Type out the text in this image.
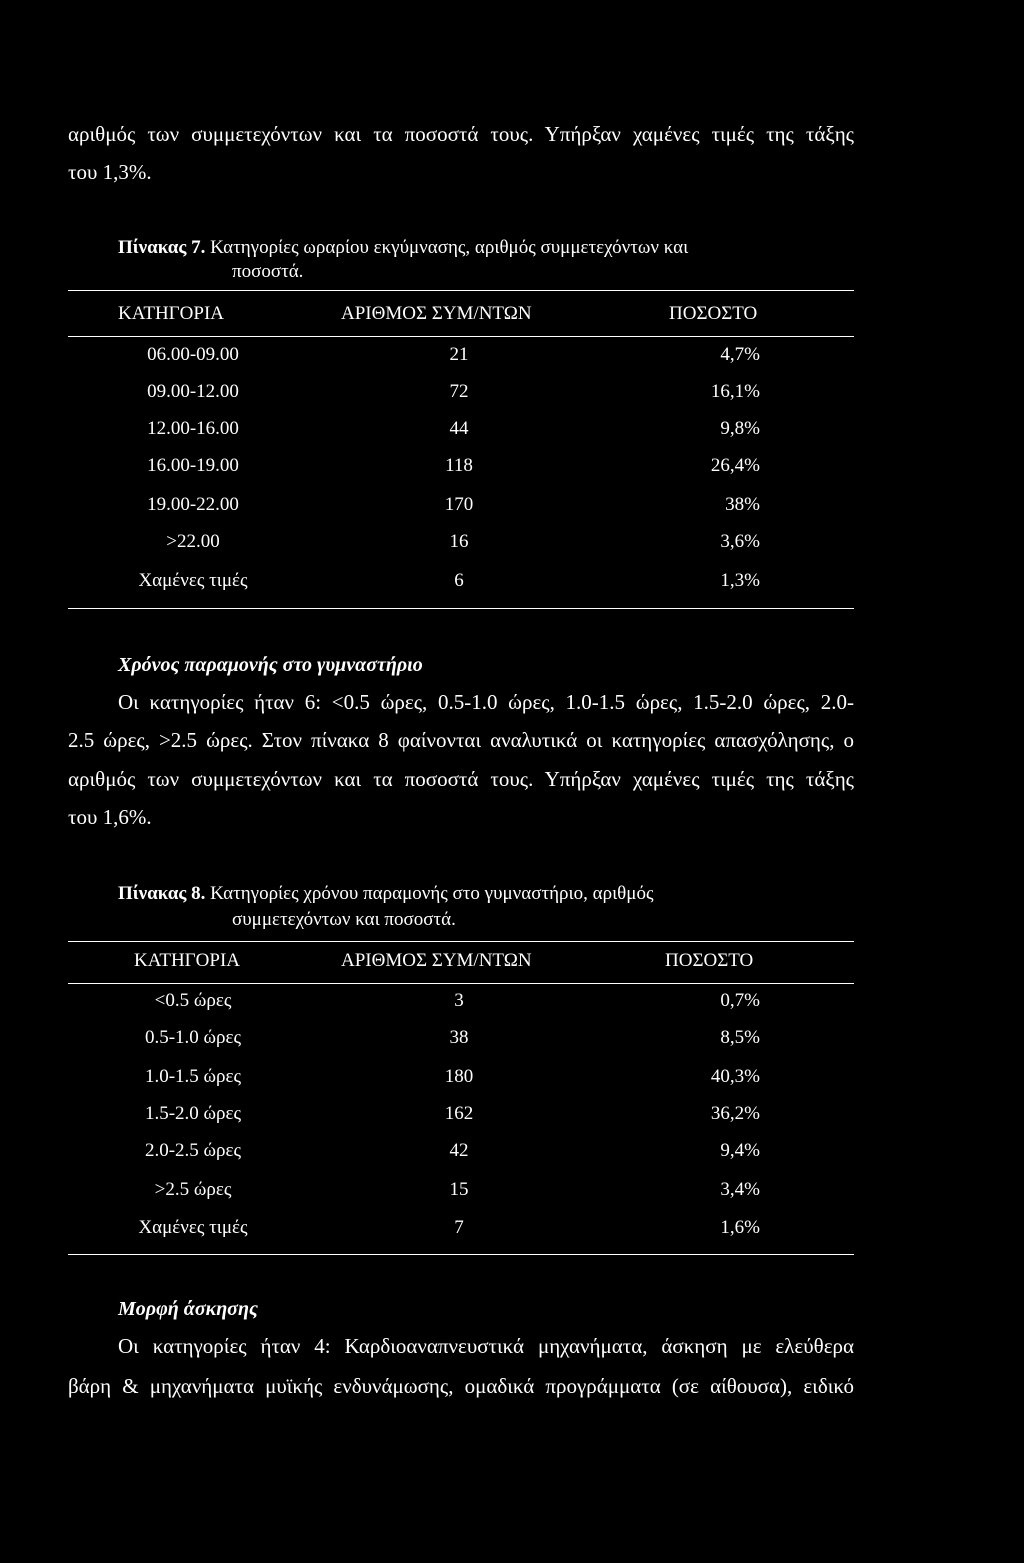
αριθμός των συμμετεχόντων και τα ποσοστά τους. Υπήρξαν χαμένες τιμές της τάξης
του 1,3%.
Πίνακας 7. Κατηγορίες ωραρίου εκγύμνασης, αριθμός συμμετεχόντων και
ποσοστά.
ΚΑΤΗΓΟΡΙΑ	ΑΡΙΘΜΟΣ ΣΥΜ/ΝΤΩΝ	ΠΟΣΟΣΤΟ
06.00-09.00	21	4,7%
09.00-12.00	72	16,1%
12.00-16.00	44	9,8%
16.00-19.00	118	26,4%
19.00-22.00	170	38%
>22.00	16	3,6%
Χαμένες τιμές	6	1,3%
Χρόνος παραμονής στο γυμναστήριο
Οι κατηγορίες ήταν 6: <0.5 ώρες, 0.5-1.0 ώρες, 1.0-1.5 ώρες, 1.5-2.0 ώρες, 2.0-
2.5 ώρες, >2.5 ώρες. Στον πίνακα 8 φαίνονται αναλυτικά οι κατηγορίες απασχόλησης, ο
αριθμός των συμμετεχόντων και τα ποσοστά τους. Υπήρξαν χαμένες τιμές της τάξης
του 1,6%.
Πίνακας 8. Κατηγορίες χρόνου παραμονής στο γυμναστήριο, αριθμός
συμμετεχόντων και ποσοστά.
ΚΑΤΗΓΟΡΙΑ	ΑΡΙΘΜΟΣ ΣΥΜ/ΝΤΩΝ	ΠΟΣΟΣΤΟ
<0.5 ώρες	3	0,7%
0.5-1.0 ώρες	38	8,5%
1.0-1.5 ώρες	180	40,3%
1.5-2.0 ώρες	162	36,2%
2.0-2.5 ώρες	42	9,4%
>2.5 ώρες	15	3,4%
Χαμένες τιμές	7	1,6%
Μορφή άσκησης
Οι κατηγορίες ήταν 4: Καρδιοαναπνευστικά μηχανήματα, άσκηση με ελεύθερα
βάρη & μηχανήματα μυϊκής ενδυνάμωσης, ομαδικά προγράμματα (σε αίθουσα), ειδικό
